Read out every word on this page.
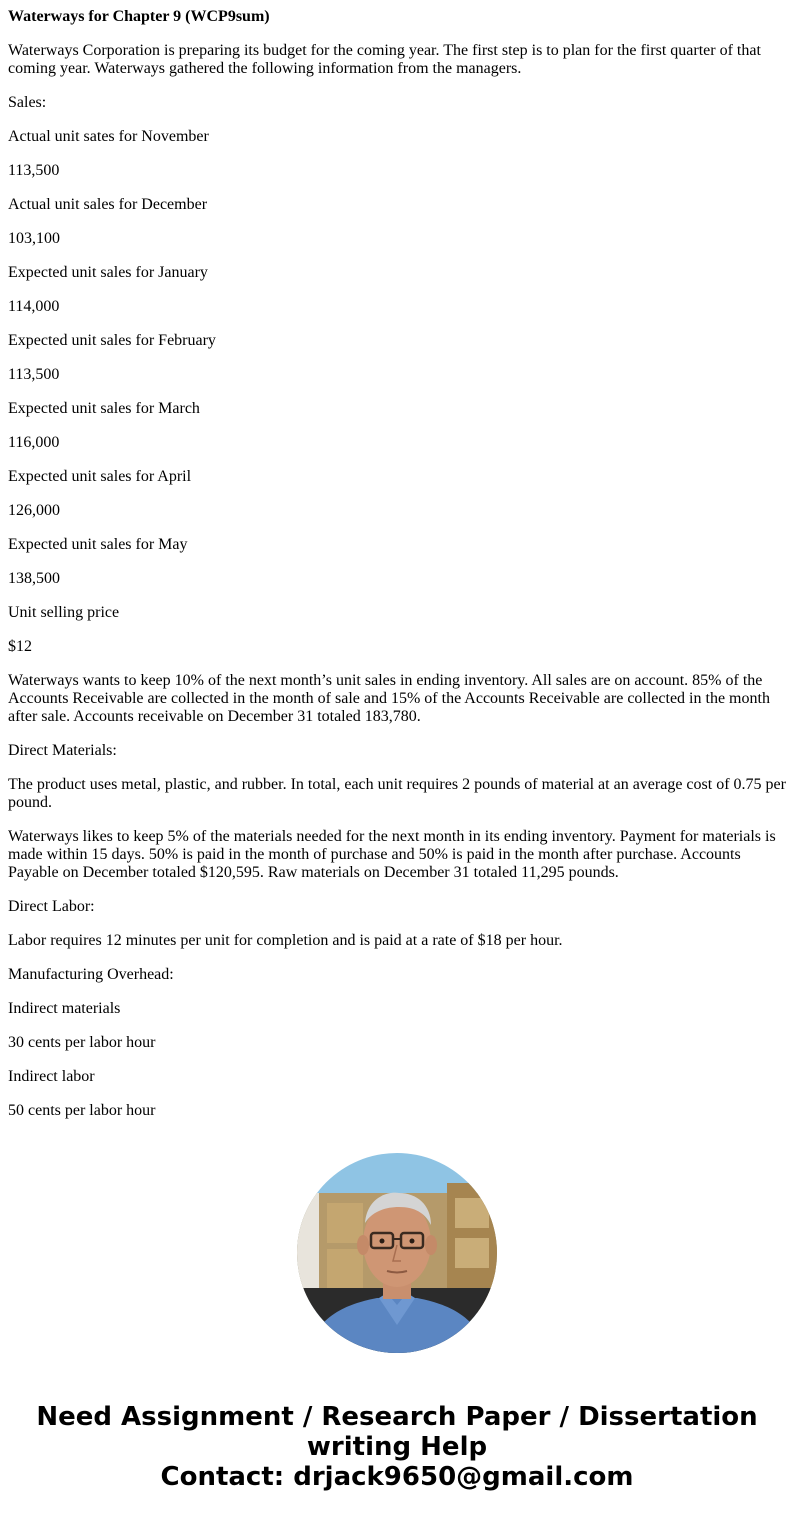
Waterways for Chapter 9 (WCP9sum)

Waterways Corporation is preparing its budget for the coming year. The first step is to plan for the first quarter of that coming year. Waterways gathered the following information from the managers.

Sales:

Actual unit sates for November

113,500

Actual unit sales for December

103,100

Expected unit sales for January

114,000

Expected unit sales for February

113,500

Expected unit sales for March

116,000

Expected unit sales for April

126,000

Expected unit sales for May

138,500

Unit selling price

$12

Waterways wants to keep 10% of the next month’s unit sales in ending inventory. All sales are on account. 85% of the Accounts Receivable are collected in the month of sale and 15% of the Accounts Receivable are collected in the month after sale. Accounts receivable on December 31 totaled 183,780.

Direct Materials:

The product uses metal, plastic, and rubber. In total, each unit requires 2 pounds of material at an average cost of 0.75 per pound.

Waterways likes to keep 5% of the materials needed for the next month in its ending inventory. Payment for materials is made within 15 days. 50% is paid in the month of purchase and 50% is paid in the month after purchase. Accounts Payable on December totaled $120,595. Raw materials on December 31 totaled 11,295 pounds.

Direct Labor:

Labor requires 12 minutes per unit for completion and is paid at a rate of $18 per hour.

Manufacturing Overhead:

Indirect materials

30 cents per labor hour

Indirect labor

50 cents per labor hour

Need Assignment / Research Paper / Dissertation
writing Help
Contact: drjack9650@gmail.com
